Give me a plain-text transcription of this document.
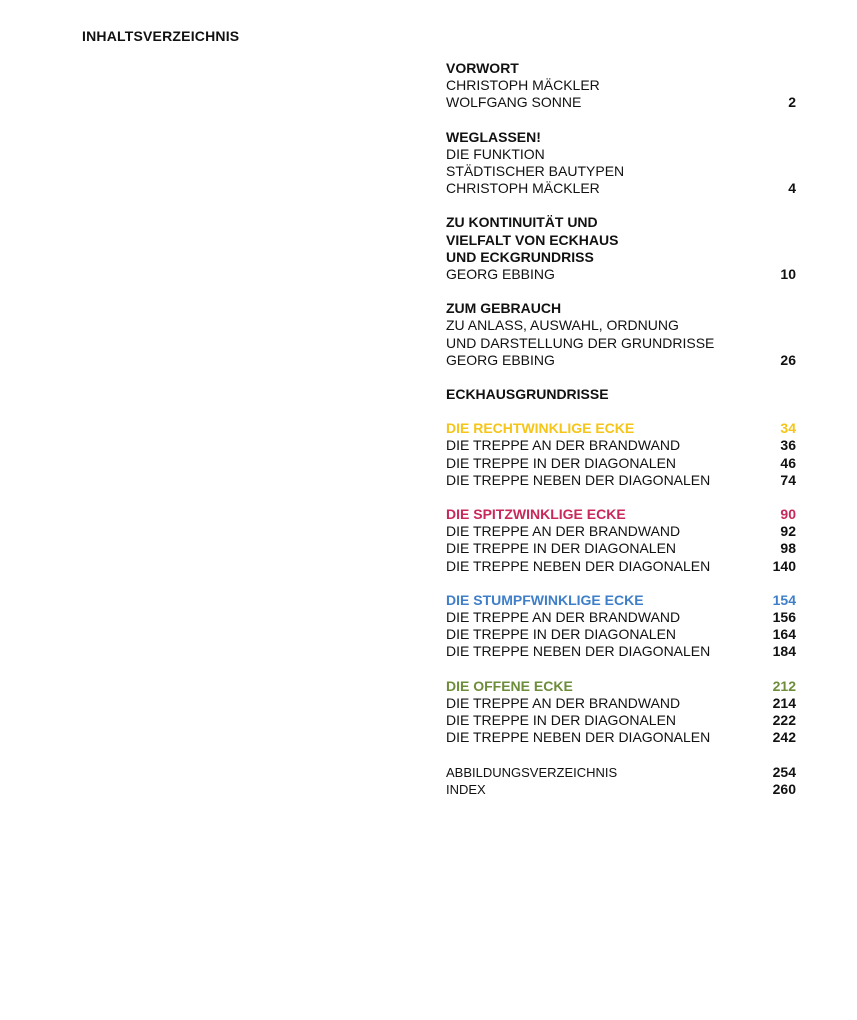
INHALTSVERZEICHNIS
VORWORT
CHRISTOPH MÄCKLER
WOLFGANG SONNE	2
WEGLASSEN!
DIE FUNKTION
STÄDTISCHER BAUTYPEN
CHRISTOPH MÄCKLER	4
ZU KONTINUITÄT UND
VIELFALT VON ECKHAUS
UND ECKGRUNDRISS
GEORG EBBING	10
ZUM GEBRAUCH
ZU ANLASS, AUSWAHL, ORDNUNG
UND DARSTELLUNG DER GRUNDRISSE
GEORG EBBING	26
ECKHAUSGRUNDRISSE
DIE RECHTWINKLIGE ECKE	34
DIE TREPPE AN DER BRANDWAND	36
DIE TREPPE IN DER DIAGONALEN	46
DIE TREPPE NEBEN DER DIAGONALEN	74
DIE SPITZWINKLIGE ECKE	90
DIE TREPPE AN DER BRANDWAND	92
DIE TREPPE IN DER DIAGONALEN	98
DIE TREPPE NEBEN DER DIAGONALEN	140
DIE STUMPFWINKLIGE ECKE	154
DIE TREPPE AN DER BRANDWAND	156
DIE TREPPE IN DER DIAGONALEN	164
DIE TREPPE NEBEN DER DIAGONALEN	184
DIE OFFENE ECKE	212
DIE TREPPE AN DER BRANDWAND	214
DIE TREPPE IN DER DIAGONALEN	222
DIE TREPPE NEBEN DER DIAGONALEN	242
ABBILDUNGSVERZEICHNIS	254
INDEX	260
